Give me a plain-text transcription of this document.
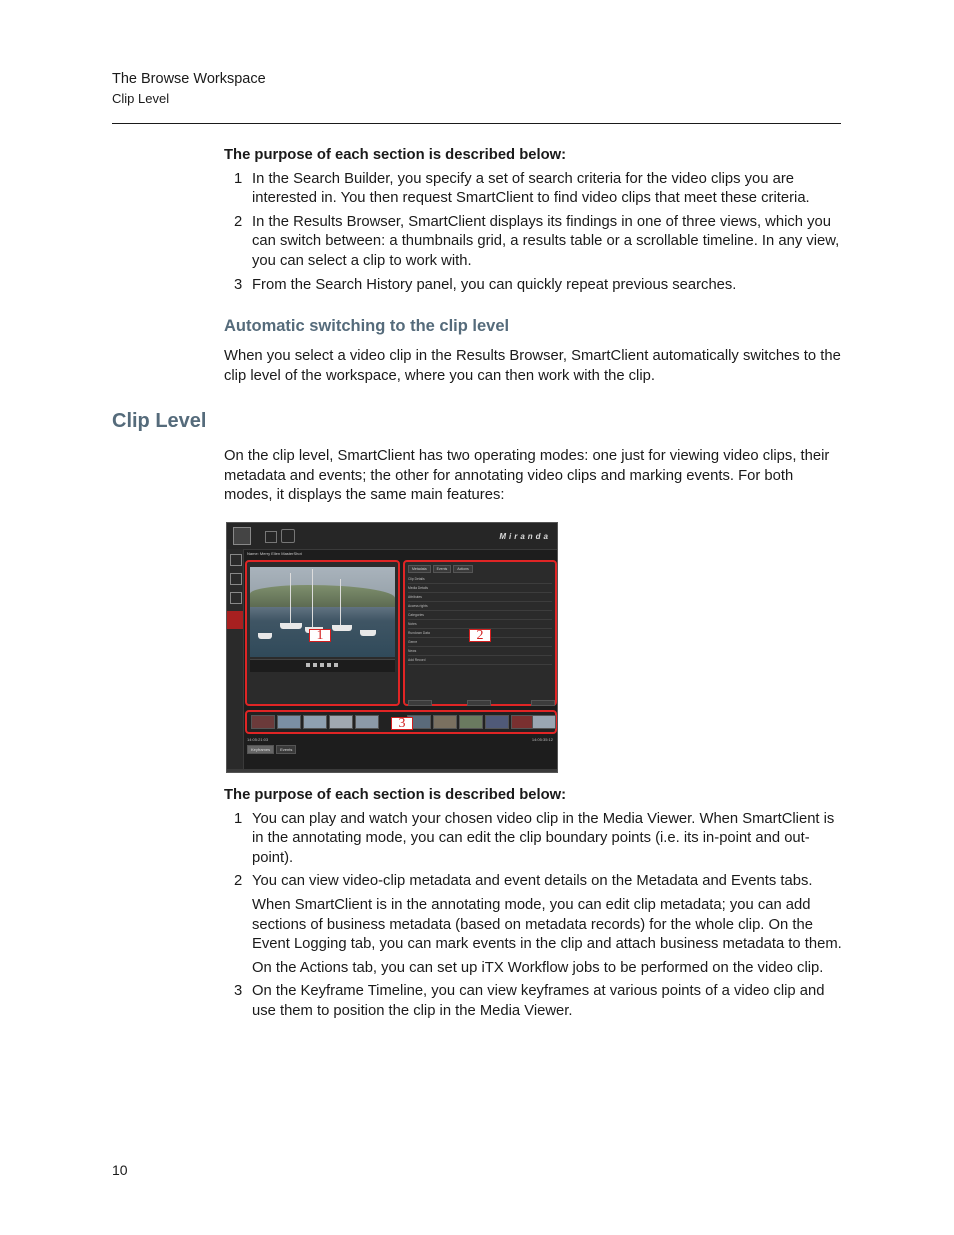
The Browse Workspace
Clip Level
The purpose of each section is described below:
1 In the Search Builder, you specify a set of search criteria for the video clips you are interested in. You then request SmartClient to find video clips that meet these criteria.
2 In the Results Browser, SmartClient displays its findings in one of three views, which you can switch between: a thumbnails grid, a results table or a scrollable timeline. In any view, you can select a clip to work with.
3 From the Search History panel, you can quickly repeat previous searches.
Automatic switching to the clip level
When you select a video clip in the Results Browser, SmartClient automatically switches to the clip level of the workspace, where you can then work with the clip.
Clip Level
On the clip level, SmartClient has two operating modes: one just for viewing video clips, their metadata and events; the other for annotating video clips and marking events. For both modes, it displays the same main features:
Miranda
Name: Merry Ellen MasterShot
Metadata	Events	Actions
Clip Details
Media Details
Attributes
Access rights
Categories
Notes
Rundown Data
Genre
News
Add Record
14:05:21:03	14:05:35:12
Keyframes	Events
1	2
3
The purpose of each section is described below:
1 You can play and watch your chosen video clip in the Media Viewer. When SmartClient is in the annotating mode, you can edit the clip boundary points (i.e. its in-point and out-point).
2 You can view video-clip metadata and event details on the Metadata and Events tabs.

When SmartClient is in the annotating mode, you can edit clip metadata; you can add sections of business metadata (based on metadata records) for the whole clip. On the Event Logging tab, you can mark events in the clip and attach business metadata to them.

On the Actions tab, you can set up iTX Workflow jobs to be performed on the video clip.

3 On the Keyframe Timeline, you can view keyframes at various points of a video clip and use them to position the clip in the Media Viewer.
10
